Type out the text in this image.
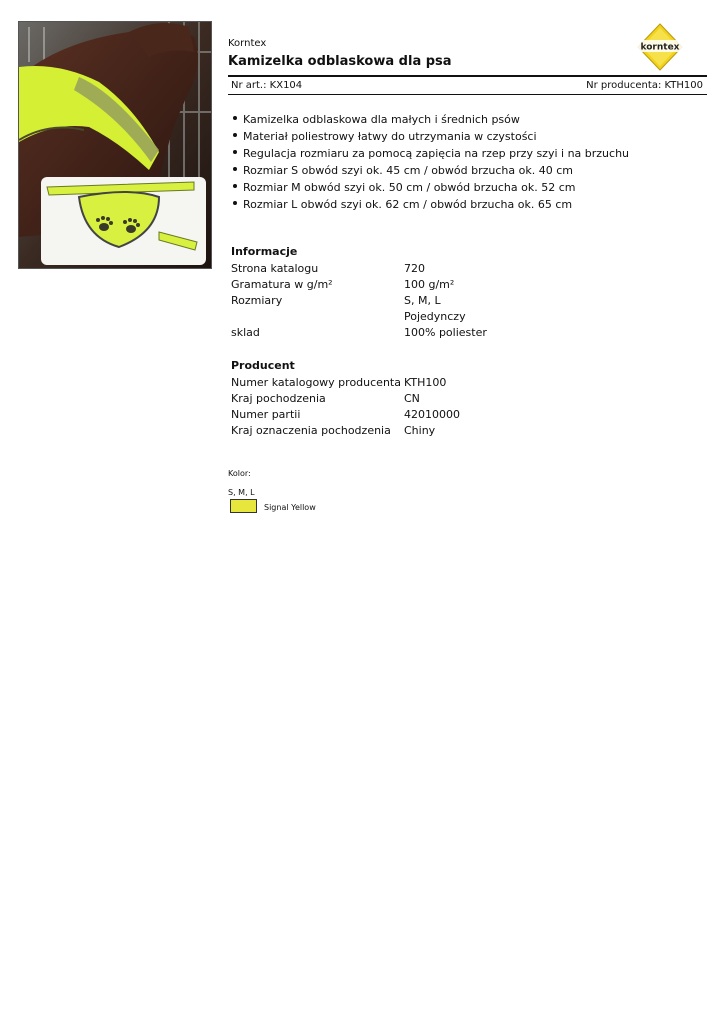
Korntex
Kamizelka odblaskowa dla psa
korntex
Nr art.: KX104	Nr producenta: KTH100
Kamizelka odblaskowa dla małych i średnich psów
Materiał poliestrowy łatwy do utrzymania w czystości
Regulacja rozmiaru za pomocą zapięcia na rzep przy szyi i na brzuchu
Rozmiar S obwód szyi ok. 45 cm / obwód brzucha ok. 40 cm
Rozmiar M obwód szyi ok. 50 cm / obwód brzucha ok. 52 cm
Rozmiar L obwód szyi ok. 62 cm / obwód brzucha ok. 65 cm
Informacje
Strona katalogu	720
Gramatura w g/m²	100 g/m²
Rozmiary	S, M, L
Pojedynczy
sklad	100% poliester
Producent
Numer katalogowy producenta KTH100
Kraj pochodzenia	CN
Numer partii	42010000
Kraj oznaczenia pochodzenia	Chiny
Kolor:
S, M, L
Signal Yellow
